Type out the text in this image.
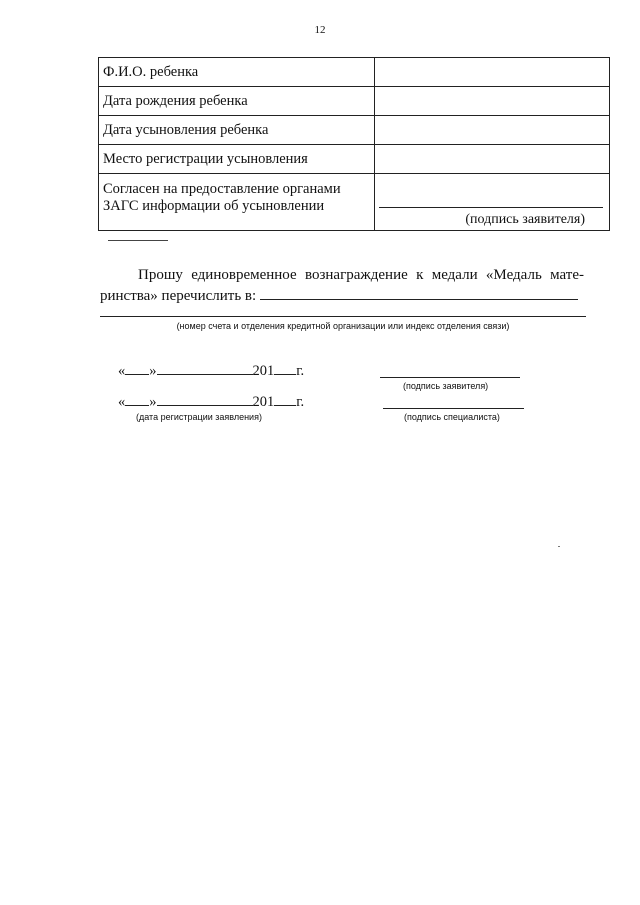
12
Ф.И.О. ребенка	
Дата рождения ребенка	
Дата усыновления ребенка	
Место регистрации усыновления	

Согласен на предоставление органами
ЗАГС информации об усыновлении	(подпись заявителя)
Прошу единовременное вознаграждение к медали «Медаль мате-
ринства» перечислить в:
(номер счета и отделения кредитной организации или индекс отделения связи)
« »	201 г.
(подпись заявителя)
« »	201 г.
(дата регистрации заявления)	(подпись специалиста)
